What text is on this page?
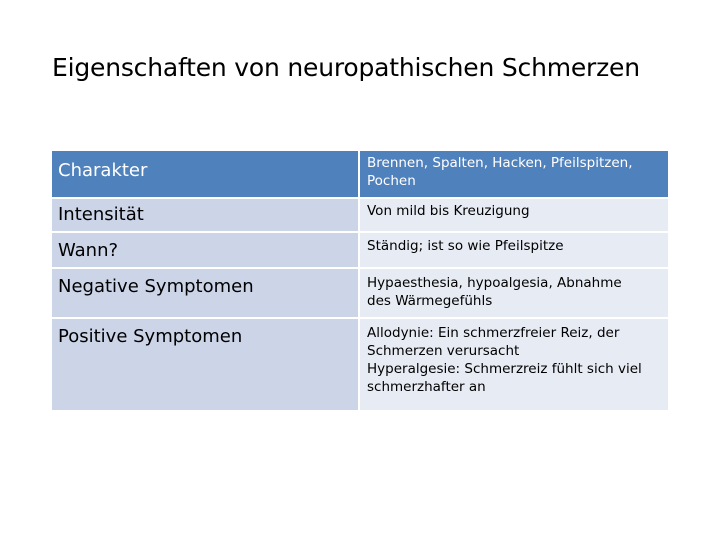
Eigenschaften von neuropathischen Schmerzen
Charakter	Brennen, Spalten, Hacken, Pfeilspitzen,
Pochen
Intensität	Von mild bis Kreuzigung
Wann?	Ständig; ist so wie Pfeilspitze
Negative Symptomen	Hypaesthesia, hypoalgesia, Abnahme
des Wärmegefühls
Positive Symptomen	Allodynie: Ein schmerzfreier Reiz, der
Schmerzen verursacht
Hyperalgesie: Schmerzreiz fühlt sich viel
schmerzhafter an
